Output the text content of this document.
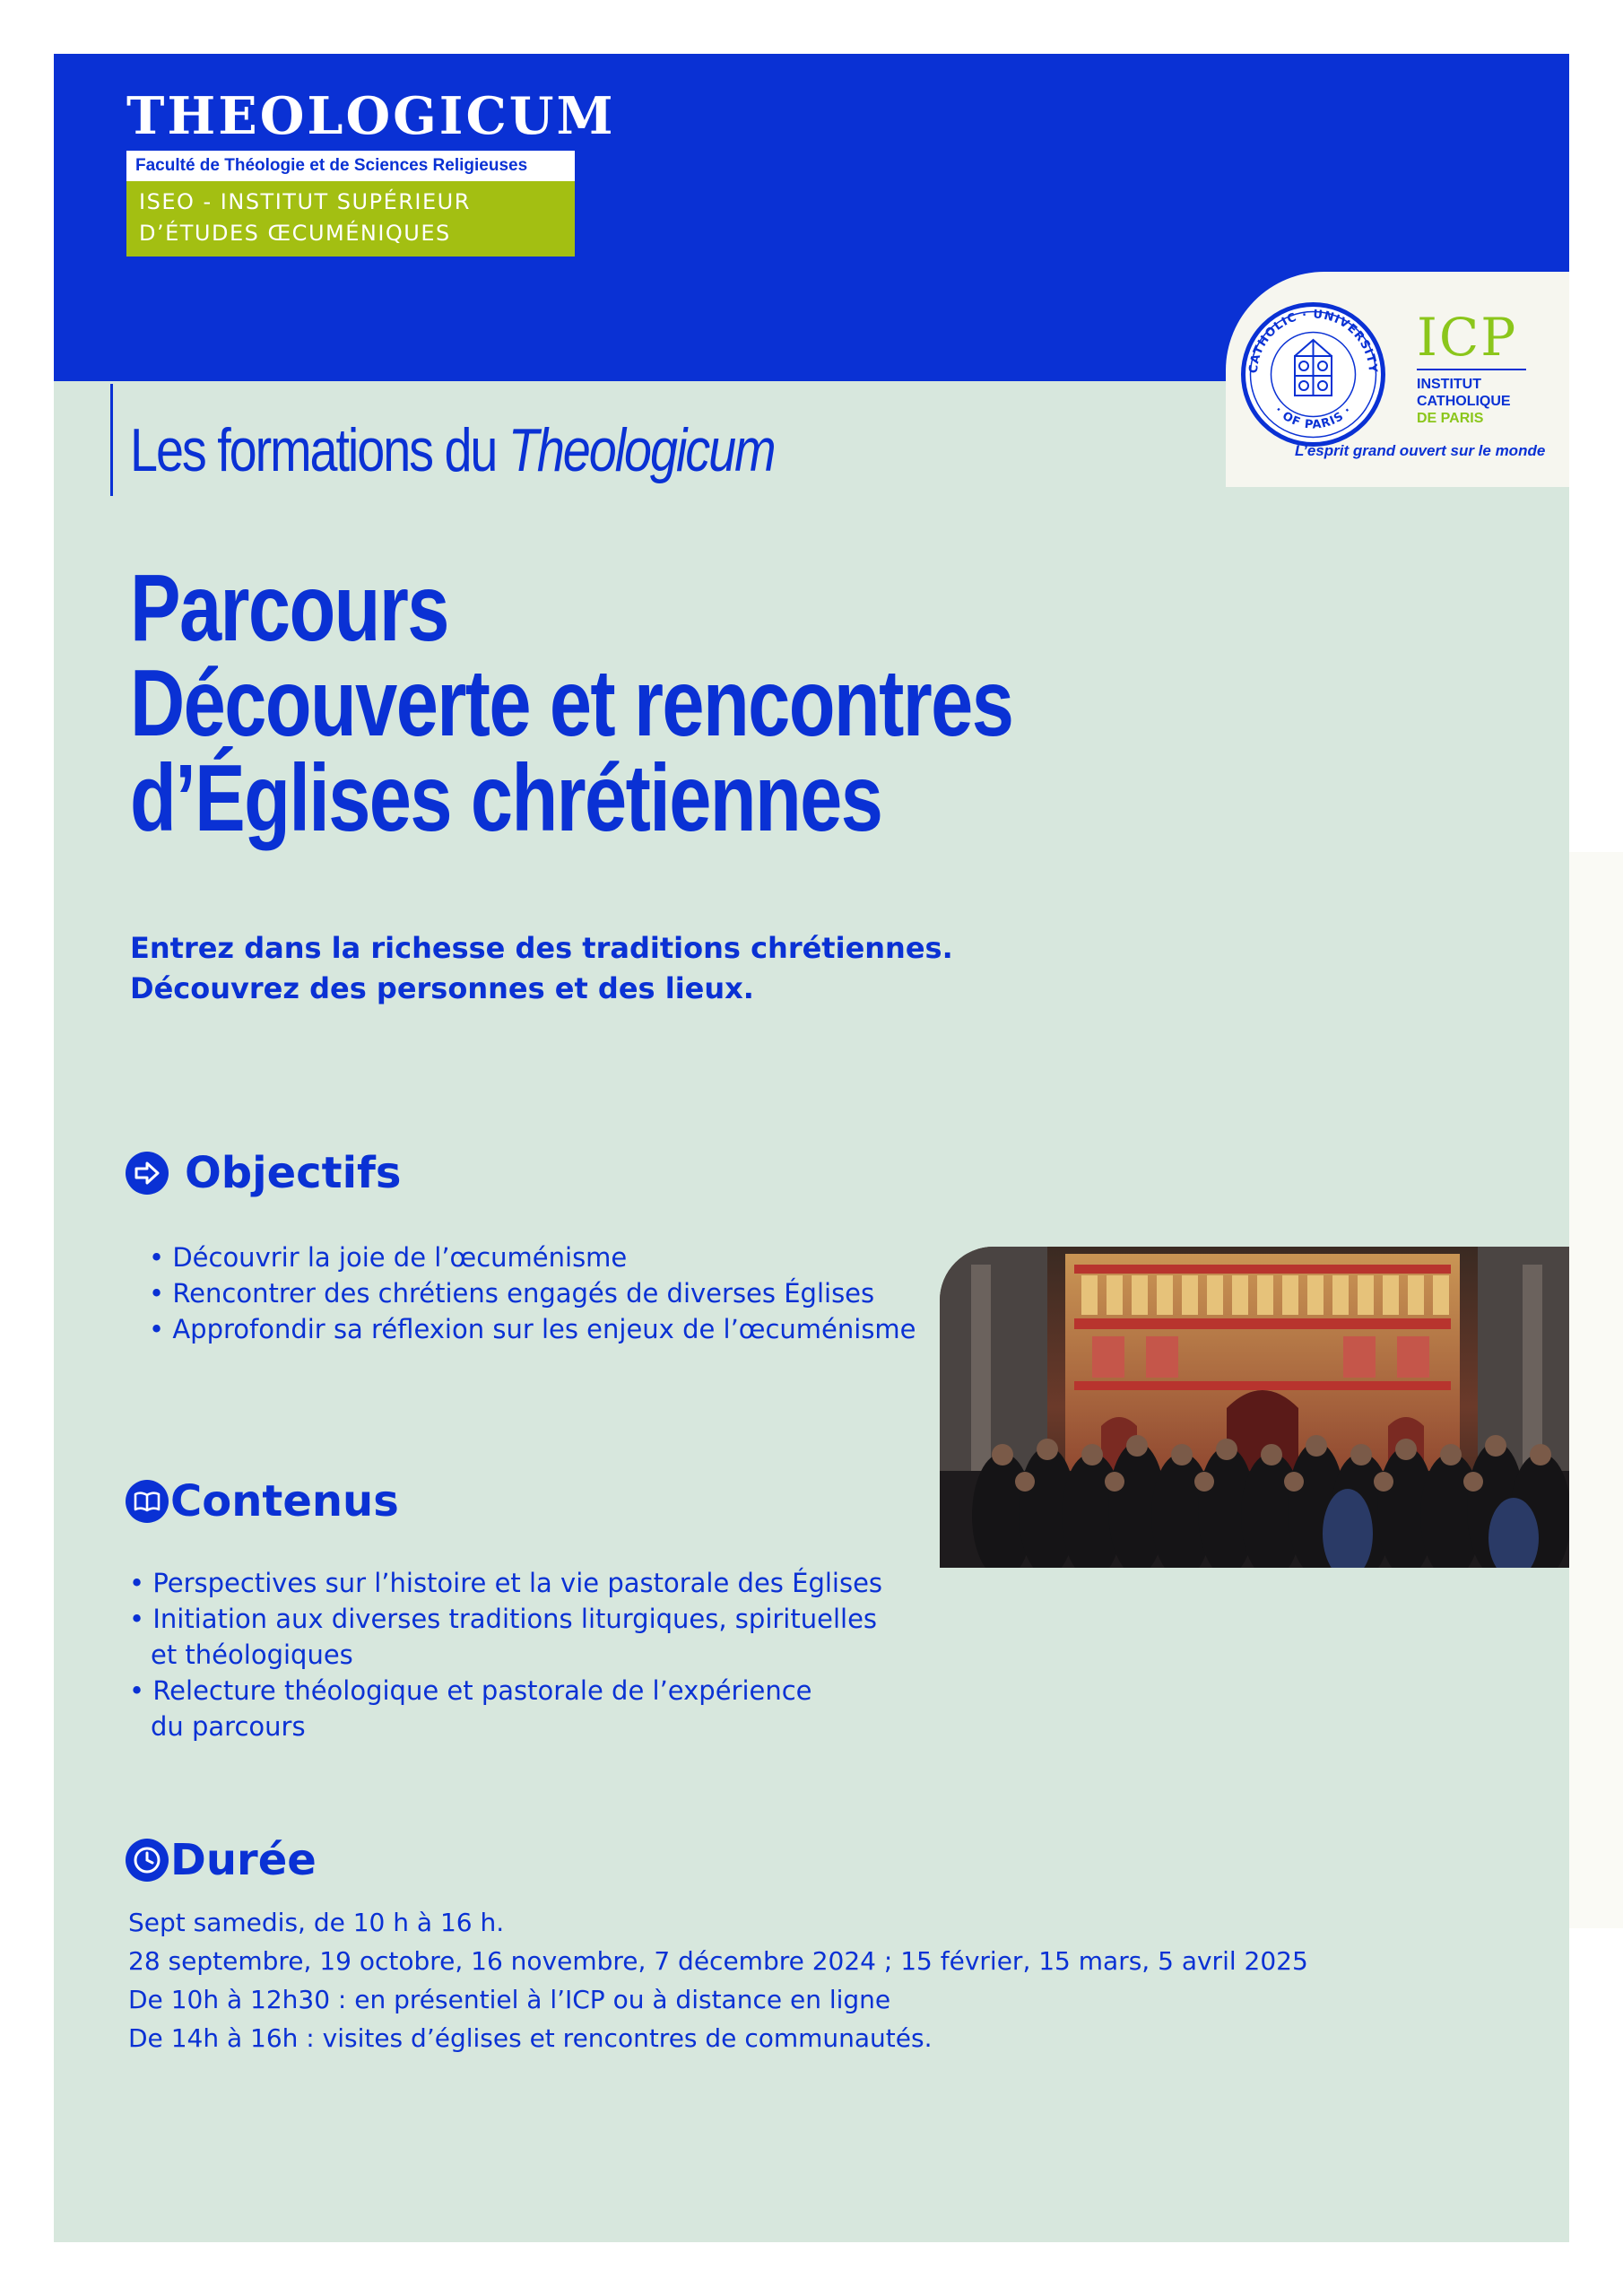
THEOLOGICUM
Faculté de Théologie et de Sciences Religieuses
ISEO - INSTITUT SUPÉRIEUR
D’ÉTUDES ŒCUMÉNIQUES
CATHOLIC · UNIVERSITY
· OF PARIS ·
ICP
INSTITUT
CATHOLIQUE
DE PARIS
L’esprit grand ouvert sur le monde
Les formations du Theologicum
Parcours
Découverte et rencontres
d’Églises chrétiennes
Entrez dans la richesse des traditions chrétiennes.
Découvrez des personnes et des lieux.
Objectifs
• Découvrir la joie de l’œcuménisme
• Rencontrer des chrétiens engagés de diverses Églises
• Approfondir sa réflexion sur les enjeux de l’œcuménisme
Contenus
• Perspectives sur l’histoire et la vie pastorale des Églises
• Initiation aux diverses traditions liturgiques, spirituelles
et théologiques
• Relecture théologique et pastorale de l’expérience
du parcours
Durée
Sept samedis, de 10 h à 16 h.
28 septembre, 19 octobre, 16 novembre, 7 décembre 2024 ; 15 février, 15 mars, 5 avril 2025
De 10h à 12h30 : en présentiel à l’ICP ou à distance en ligne
De 14h à 16h : visites d’églises et rencontres de communautés.
